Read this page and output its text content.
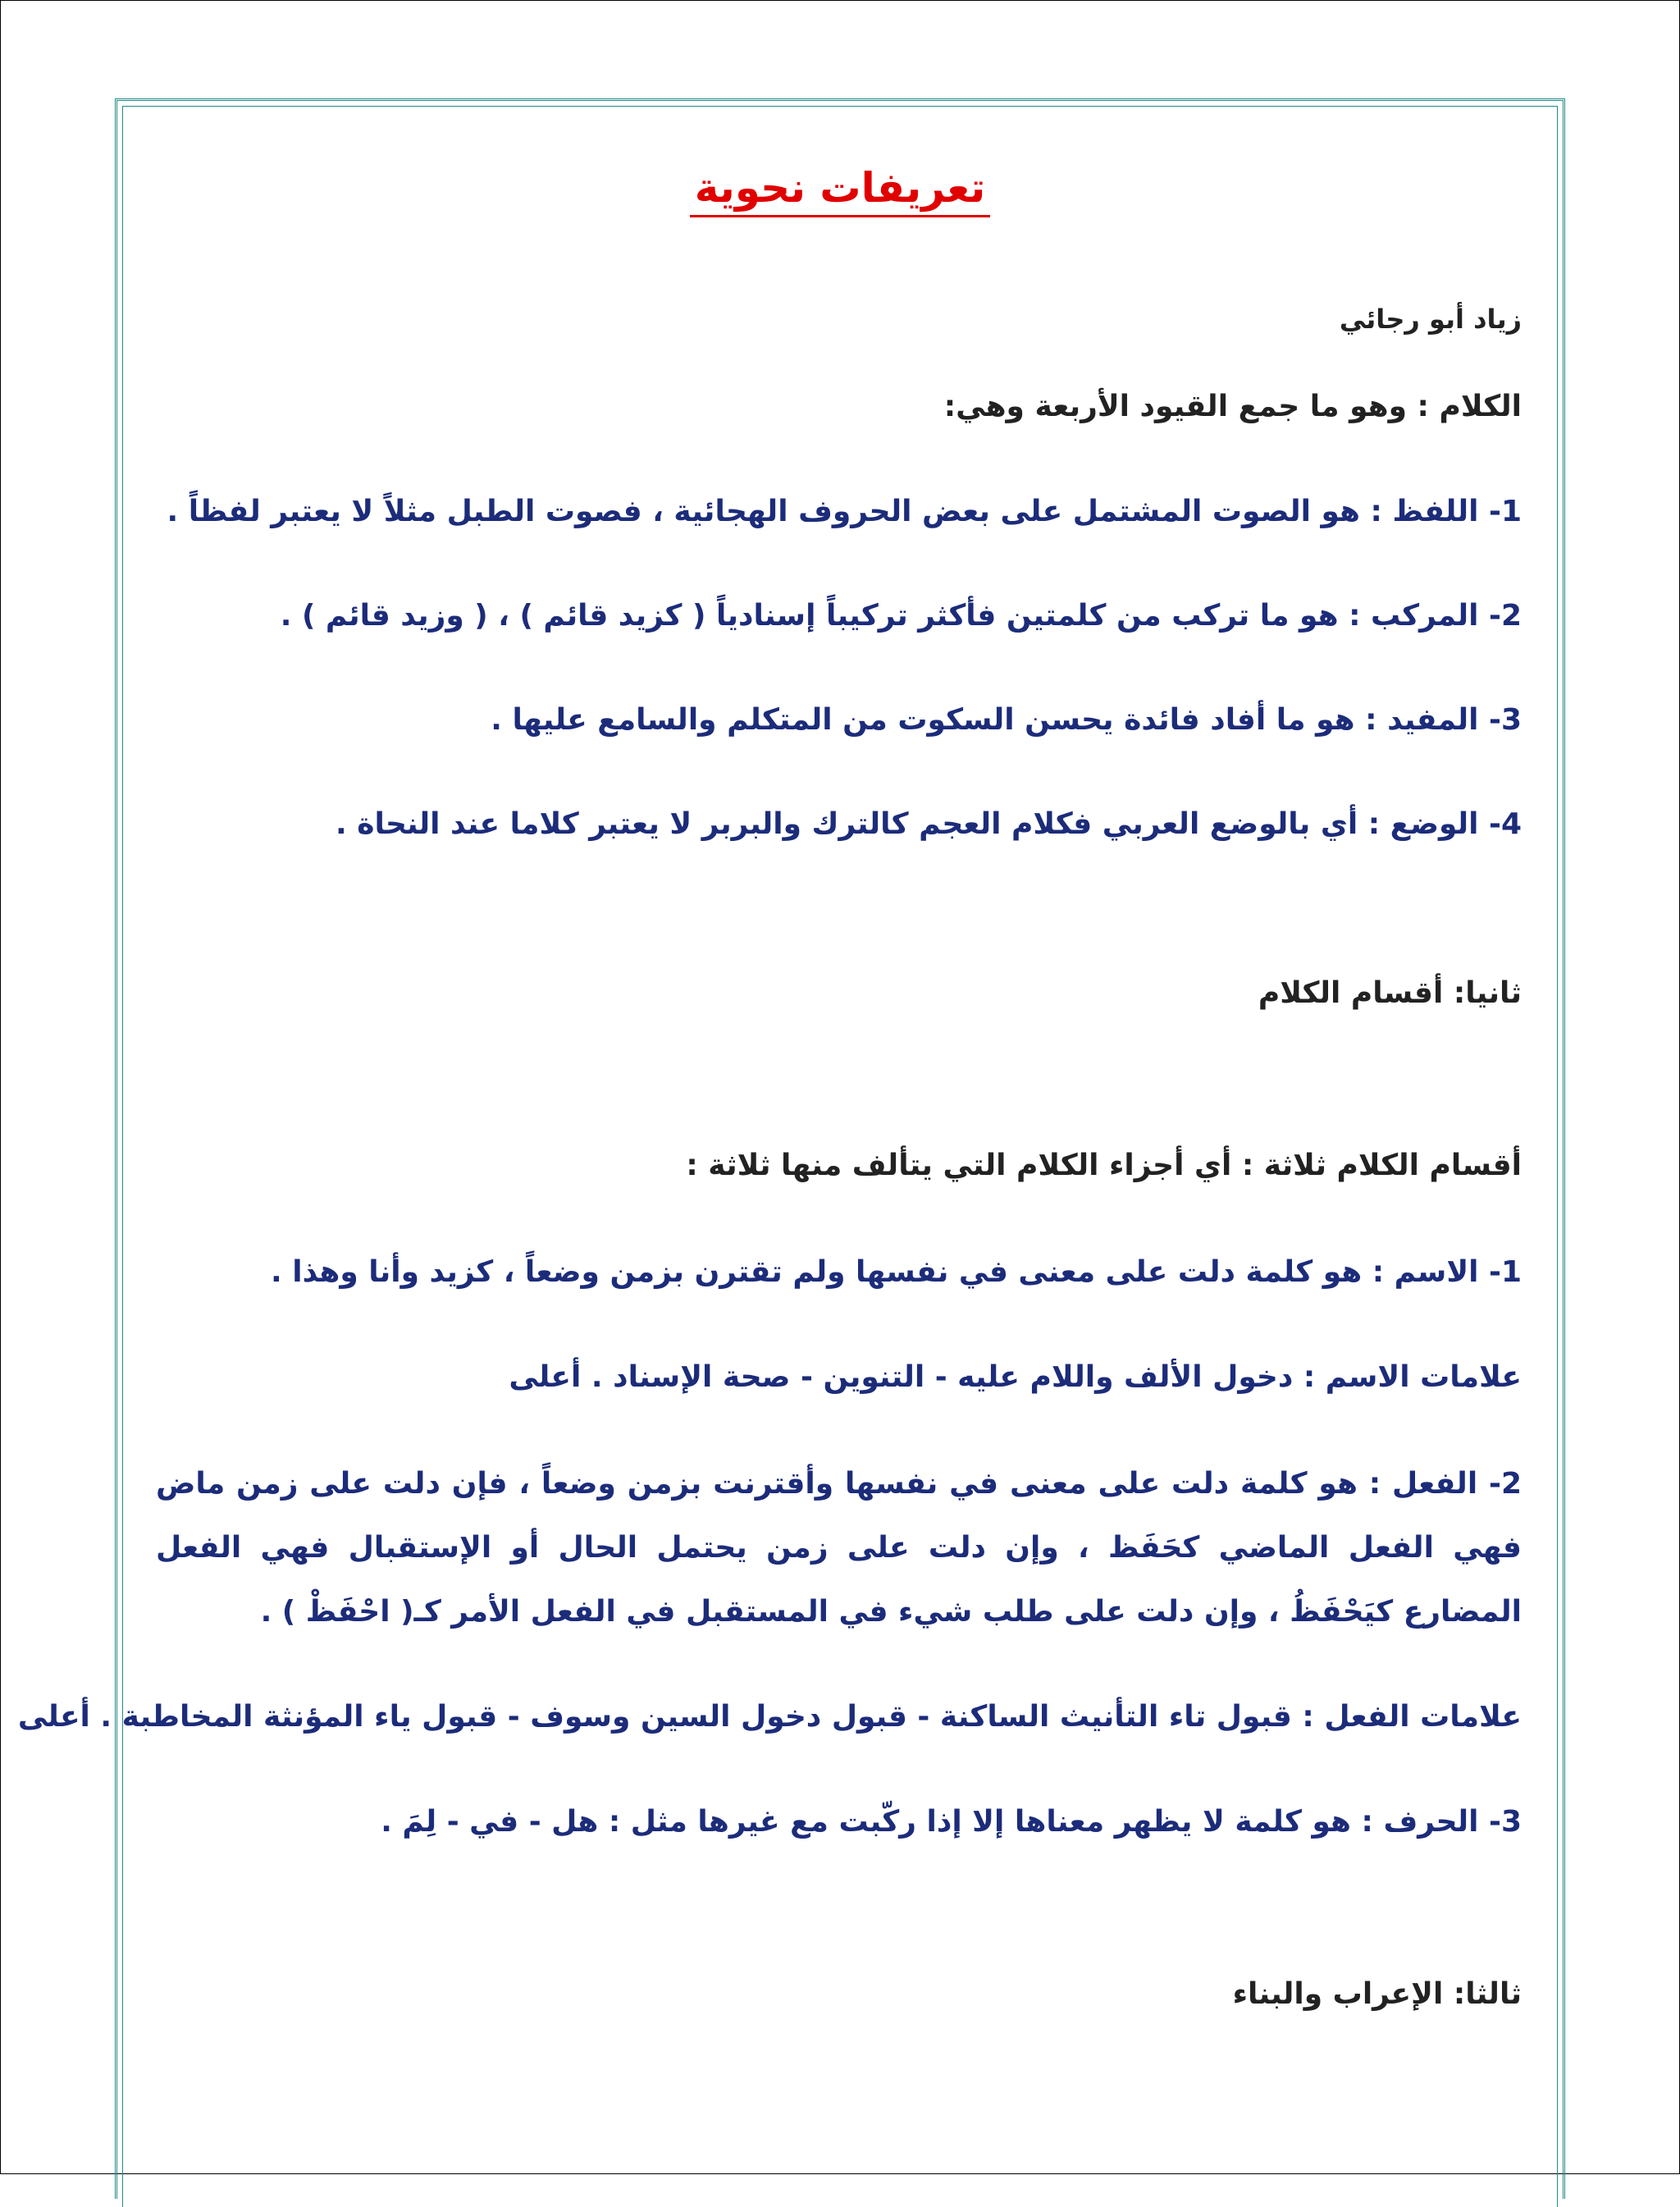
تعريفات نحوية
زياد أبو رجائي
الكلام : وهو ما جمع القيود الأربعة وهي:
1- اللفظ : هو الصوت المشتمل على بعض الحروف الهجائية ، فصوت الطبل مثلاً لا يعتبر لفظاً .
2- المركب : هو ما تركب من كلمتين فأكثر تركيباً إسنادياً ( كزيد قائم ) ، ( وزيد قائم ) .
3- المفيد : هو ما أفاد فائدة يحسن السكوت من المتكلم والسامع عليها .
4- الوضع : أي بالوضع العربي فكلام العجم كالترك والبربر لا يعتبر كلاما عند النحاة .
ثانيا: أقسام الكلام
أقسام الكلام ثلاثة : أي أجزاء الكلام التي يتألف منها ثلاثة :
1- الاسم : هو كلمة دلت على معنى في نفسها ولم تقترن بزمن وضعاً ، كزيد وأنا وهذا .
علامات الاسم : دخول الألف واللام عليه - التنوين - صحة الإسناد . أعلى
2- الفعل : هو كلمة دلت على معنى في نفسها وأقترنت بزمن وضعاً ، فإن دلت على زمن ماض فهي الفعل الماضي كحَفَظ ، وإن دلت على زمن يحتمل الحال أو الإستقبال فهي الفعل المضارع كيَحْفَظُ ، وإن دلت على طلب شيء في المستقبل في الفعل الأمر كـ( احْفَظْ ) .
علامات الفعل : قبول تاء التأنيث الساكنة - قبول دخول السين وسوف - قبول ياء المؤنثة المخاطبة . أعلى
3- الحرف : هو كلمة لا يظهر معناها إلا إذا ركّبت مع غيرها مثل : هل - في - لِمَ .
ثالثا: الإعراب والبناء
